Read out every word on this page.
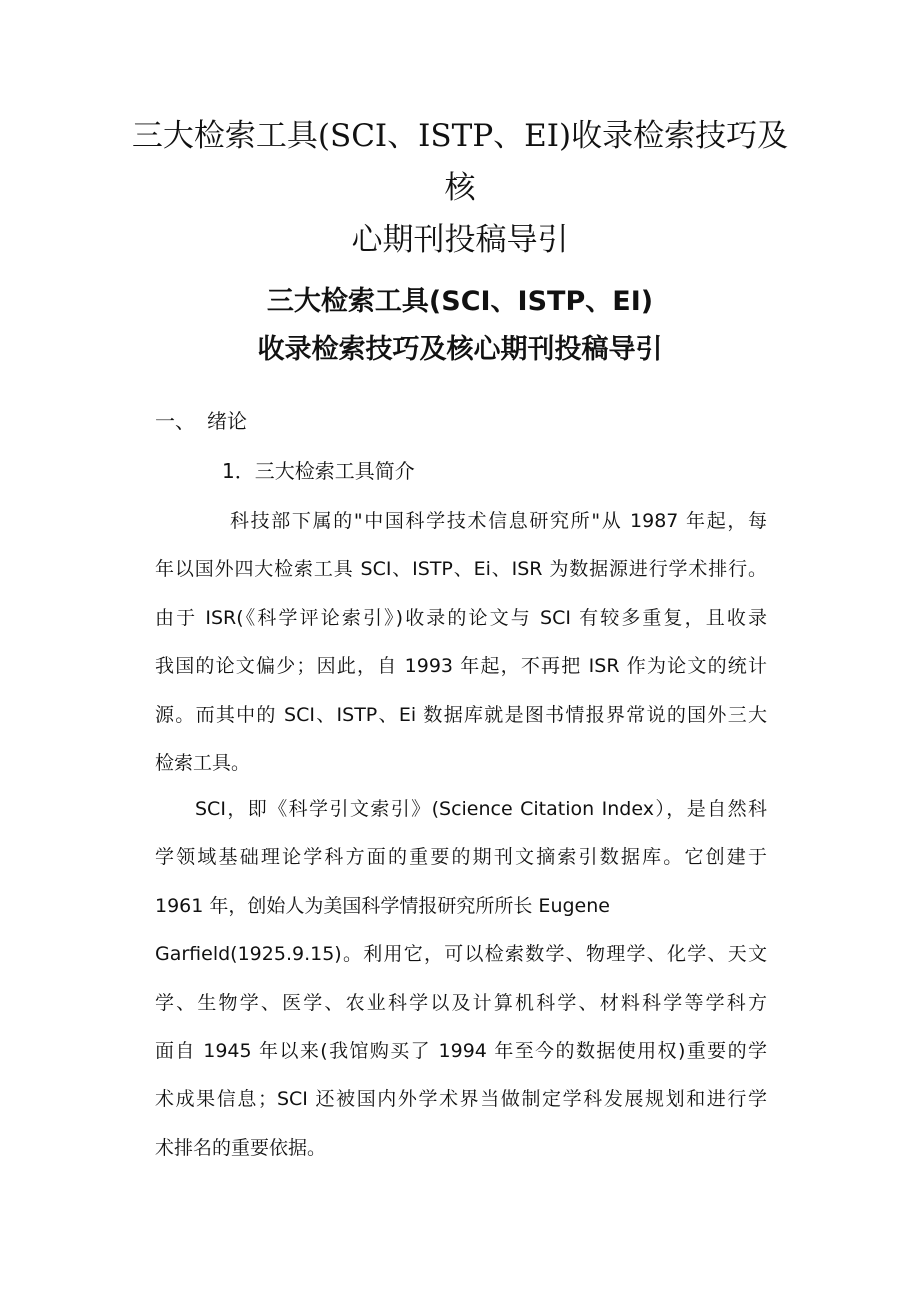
三大检索工具(SCI、ISTP、EI)收录检索技巧及核
心期刊投稿导引
三大检索工具(SCI、ISTP、EI)
收录检索技巧及核心期刊投稿导引
一、 绪论
1．三大检索工具简介

科技部下属的"中国科学技术信息研究所"从 1987 年起，每
年以国外四大检索工具 SCI、ISTP、Ei、ISR 为数据源进行学术排行。
由于 ISR(《科学评论索引》)收录的论文与 SCI 有较多重复，且收录
我国的论文偏少；因此，自 1993 年起，不再把 ISR 作为论文的统计
源。而其中的 SCI、ISTP、Ei 数据库就是图书情报界常说的国外三大
检索工具。

SCI，即《科学引文索引》(Science Citation Index），是自然科
学领域基础理论学科方面的重要的期刊文摘索引数据库。它创建于
1961 年，创始人为美国科学情报研究所所长 Eugene
Garfield(1925.9.15)。利用它，可以检索数学、物理学、化学、天文
学、生物学、医学、农业科学以及计算机科学、材料科学等学科方
面自 1945 年以来(我馆购买了 1994 年至今的数据使用权)重要的学
术成果信息；SCI 还被国内外学术界当做制定学科发展规划和进行学
术排名的重要依据。
